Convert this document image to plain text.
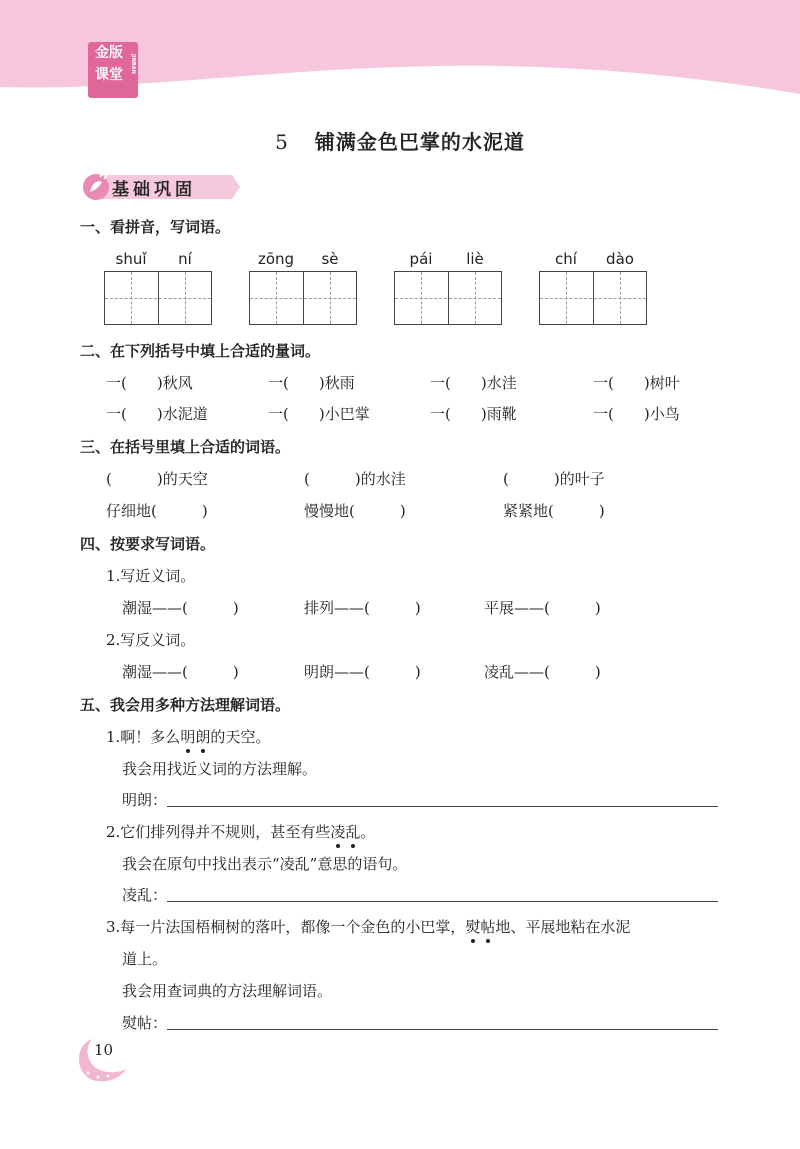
金版
课堂
JINBAN
5 铺满金色巴掌的水泥道
基础巩固
一、看拼音，写词语。
shuǐ	ní	zōng	sè	pái	liè	chí	dào
二、在下列括号中填上合适的量词。
一(　　)秋风	一(　　)秋雨	一(　　)水洼	一(　　)树叶
一(　　)水泥道	一(　　)小巴掌	一(　　)雨靴	一(　　)小鸟
三、在括号里填上合适的词语。
(　　　)的天空	(　　　)的水洼	(　　　)的叶子
仔细地(　　　)	慢慢地(　　　)	紧紧地(　　　)
四、按要求写词语。
1.写近义词。
潮湿——(　　　)	排列——(　　　)	平展——(　　　)
2.写反义词。
潮湿——(　　　)	明朗——(　　　)	凌乱——(　　　)
五、我会用多种方法理解词语。
1.啊！多么明朗的天空。
我会用找近义词的方法理解。
明朗：
2.它们排列得并不规则，甚至有些凌乱。
我会在原句中找出表示“凌乱”意思的语句。
凌乱：
3.每一片法国梧桐树的落叶，都像一个金色的小巴掌，熨帖地、平展地粘在水泥
道上。
我会用查词典的方法理解词语。
熨帖：
10
